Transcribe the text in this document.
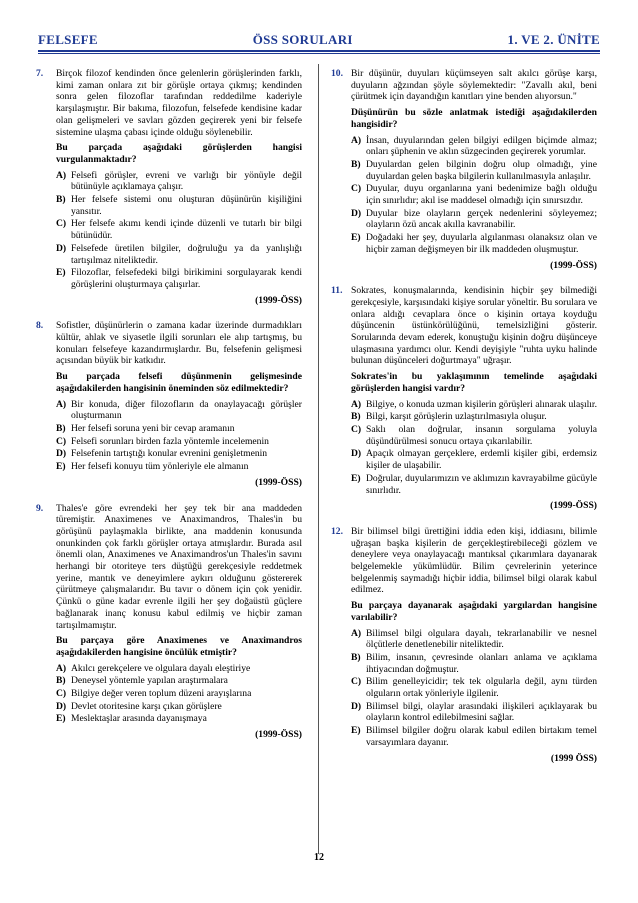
FELSEFE	ÖSS SORULARI	1. VE 2. ÜNİTE
7. Birçok filozof kendinden önce gelenlerin görüşlerinden farklı, kimi zaman onlara zıt bir görüşle ortaya çıkmış; kendinden sonra gelen filozoflar tarafından reddedilme kaderiyle karşılaşmıştır. Bir bakıma, filozofun, felsefede kendisine kadar olan gelişmeleri ve savları gözden geçirerek yeni bir felsefe sistemine ulaşma çabası içinde olduğu söylenebilir.
Bu parçada aşağıdaki görüşlerden hangisi vurgulanmaktadır?
A) Felsefi görüşler, evreni ve varlığı bir yönüyle değil bütünüyle açıklamaya çalışır.
B) Her felsefe sistemi onu oluşturan düşünürün kişiliğini yansıtır.
C) Her felsefe akımı kendi içinde düzenli ve tutarlı bir bilgi bütünüdür.
D) Felsefede üretilen bilgiler, doğruluğu ya da yanlışlığı tartışılmaz niteliktedir.
E) Filozoflar, felsefedeki bilgi birikimini sorgulayarak kendi görüşlerini oluşturmaya çalışırlar.
(1999-ÖSS)
8. Sofistler, düşünürlerin o zamana kadar üzerinde durmadıkları kültür, ahlak ve siyasetle ilgili sorunları ele alıp tartışmış, bu konuları felsefeye kazandırmışlardır. Bu, felsefenin gelişmesi açısından büyük bir katkıdır.
Bu parçada felsefi düşünmenin gelişmesinde aşağıdakilerden hangisinin öneminden söz edilmektedir?
A) Bir konuda, diğer filozofların da onaylayacağı görüşler oluşturmanın
B) Her felsefi soruna yeni bir cevap aramanın
C) Felsefi sorunları birden fazla yöntemle incelemenin
D) Felsefenin tartıştığı konular evrenini genişletmenin
E) Her felsefi konuyu tüm yönleriyle ele almanın
(1999-ÖSS)
9. Thales'e göre evrendeki her şey tek bir ana maddeden türemiştir. Anaximenes ve Anaximandros, Thales'in bu görüşünü paylaşmakla birlikte, ana maddenin konusunda onunkinden çok farklı görüşler ortaya atmışlardır. Burada asıl önemli olan, Anaximenes ve Anaximandros'un Thales'in savını herhangi bir otoriteye ters düştüğü gerekçesiyle reddetmek yerine, mantık ve deneyimlere aykırı olduğunu göstererek çürütmeye çalışmalarıdır. Bu tavır o dönem için çok yenidir. Çünkü o güne kadar evrenle ilgili her şey doğaüstü güçlere bağlanarak inanç konusu kabul edilmiş ve hiçbir zaman tartışılmamıştır.
Bu parçaya göre Anaximenes ve Anaximandros aşağıdakilerden hangisine öncülük etmiştir?
A) Akılcı gerekçelere ve olgulara dayalı eleştiriye
B) Deneysel yöntemle yapılan araştırmalara
C) Bilgiye değer veren toplum düzeni arayışlarına
D) Devlet otoritesine karşı çıkan görüşlere
E) Meslektaşlar arasında dayanışmaya
(1999-ÖSS)
10. Bir düşünür, duyuları küçümseyen salt akılcı görüşe karşı, duyuların ağzından şöyle söylemektedir: "Zavallı akıl, beni çürütmek için dayandığın kanıtları yine benden alıyorsun."
Düşünürün bu sözle anlatmak istediği aşağıdakilerden hangisidir?
A) İnsan, duyularından gelen bilgiyi edilgen biçimde almaz; onları şüphenin ve aklın süzgecinden geçirerek yorumlar.
B) Duyulardan gelen bilginin doğru olup olmadığı, yine duyulardan gelen başka bilgilerin kullanılmasıyla anlaşılır.
C) Duyular, duyu organlarına yani bedenimize bağlı olduğu için sınırlıdır; akıl ise maddesel olmadığı için sınırsızdır.
D) Duyular bize olayların gerçek nedenlerini söyleyemez; olayların özü ancak akılla kavranabilir.
E) Doğadaki her şey, duyularla algılanması olanaksız olan ve hiçbir zaman değişmeyen bir ilk maddeden oluşmuştur.
(1999-ÖSS)
11. Sokrates, konuşmalarında, kendisinin hiçbir şey bilmediği gerekçesiyle, karşısındaki kişiye sorular yöneltir. Bu sorulara ve onlara aldığı cevaplara önce o kişinin ortaya koyduğu düşüncenin üstünkörülüğünü, temelsizliğini gösterir. Sorularında devam ederek, konuştuğu kişinin doğru düşünceye ulaşmasına yardımcı olur. Kendi deyişiyle "ruhta uyku halinde bulunan düşünceleri doğurtmaya" uğraşır.
Sokrates'in bu yaklaşımının temelinde aşağıdaki görüşlerden hangisi vardır?
A) Bilgiye, o konuda uzman kişilerin görüşleri alınarak ulaşılır.
B) Bilgi, karşıt görüşlerin uzlaştırılmasıyla oluşur.
C) Saklı olan doğrular, insanın sorgulama yoluyla düşündürülmesi sonucu ortaya çıkarılabilir.
D) Apaçık olmayan gerçeklere, erdemli kişiler gibi, erdemsiz kişiler de ulaşabilir.
E) Doğrular, duyularımızın ve aklımızın kavrayabilme gücüyle sınırlıdır.
(1999-ÖSS)
12. Bir bilimsel bilgi ürettiğini iddia eden kişi, iddiasını, bilimle uğraşan başka kişilerin de gerçekleştirebileceği gözlem ve deneylere veya onaylayacağı mantıksal çıkarımlara dayanarak belgelemekle yükümlüdür. Bilim çevrelerinin yeterince belgelenmiş saymadığı hiçbir iddia, bilimsel bilgi olarak kabul edilmez.
Bu parçaya dayanarak aşağıdaki yargılardan hangisine varılabilir?
A) Bilimsel bilgi olgulara dayalı, tekrarlanabilir ve nesnel ölçütlerle denetlenebilir niteliktedir.
B) Bilim, insanın, çevresinde olanları anlama ve açıklama ihtiyacından doğmuştur.
C) Bilim genelleyicidir; tek tek olgularla değil, aynı türden olguların ortak yönleriyle ilgilenir.
D) Bilimsel bilgi, olaylar arasındaki ilişkileri açıklayarak bu olayların kontrol edilebilmesini sağlar.
E) Bilimsel bilgiler doğru olarak kabul edilen birtakım temel varsayımlara dayanır.
(1999 ÖSS)
12
